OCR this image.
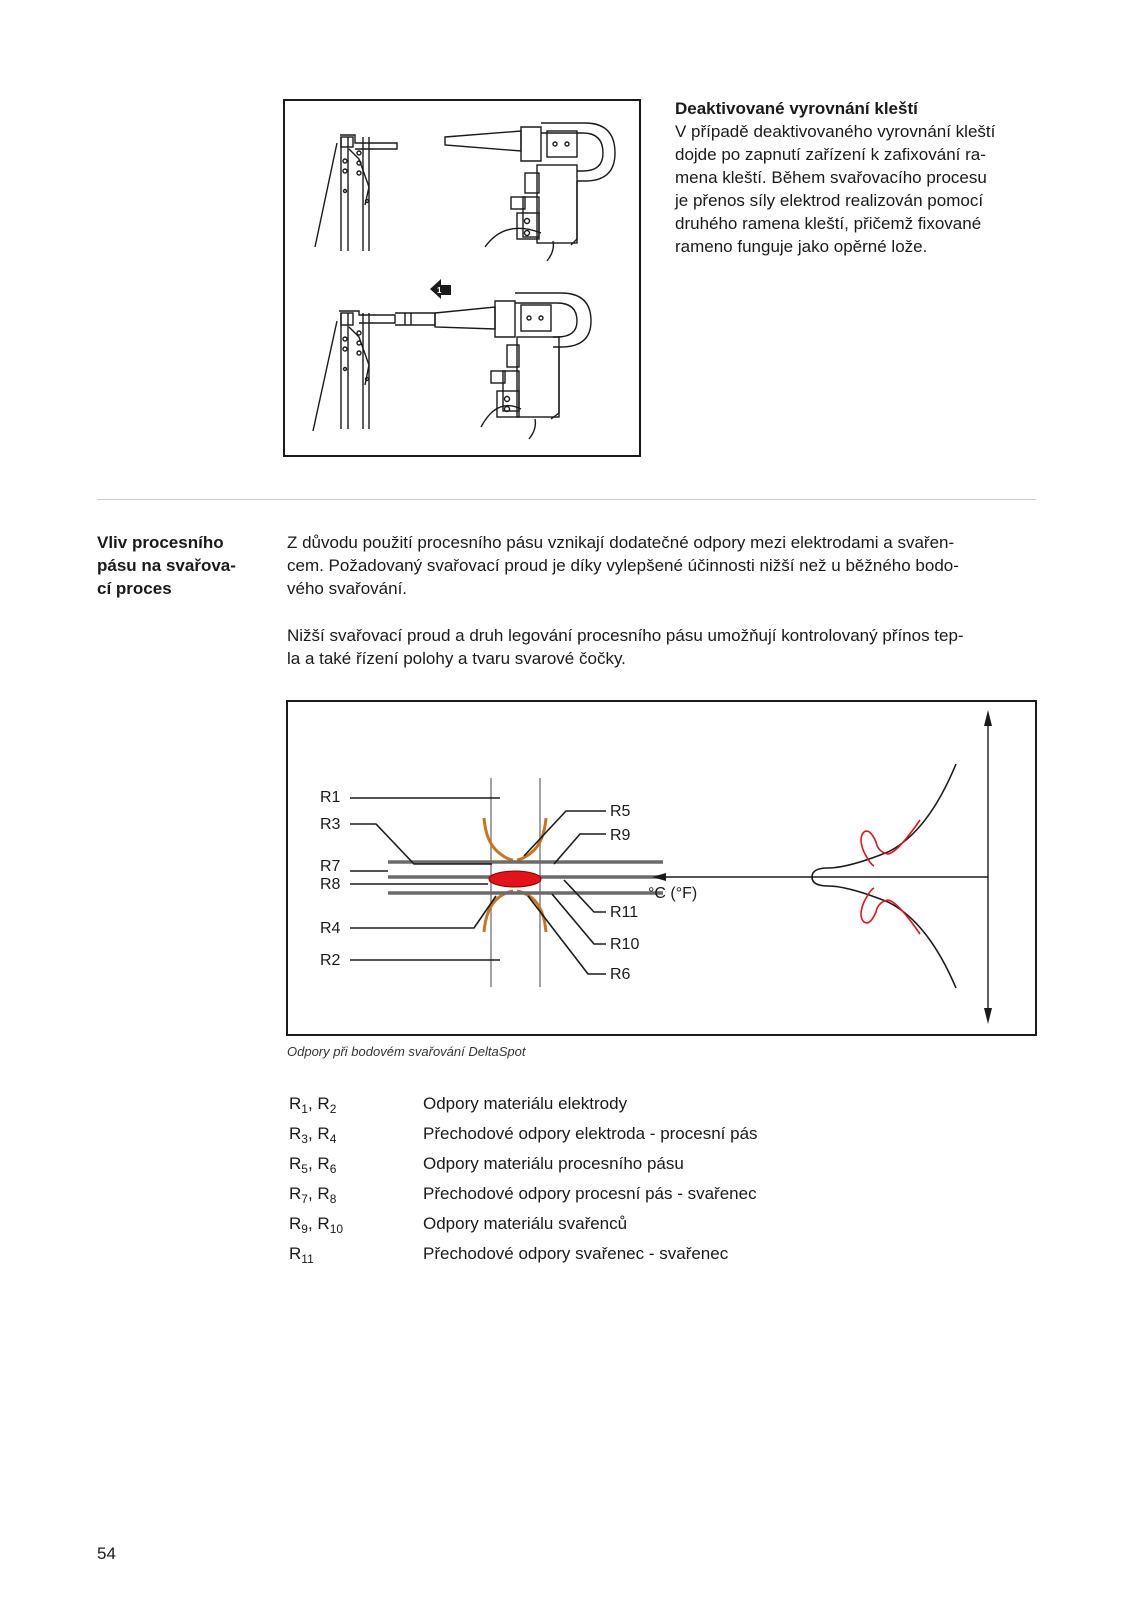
1
Deaktivované vyrovnání kleští
V případě deaktivovaného vyrovnání kleští
dojde po zapnutí zařízení k zafixování ra-
mena kleští. Během svařovacího procesu
je přenos síly elektrod realizován pomocí
druhého ramena kleští, přičemž fixované
rameno funguje jako opěrné lože.
Vliv procesního
pásu na svařova-
cí proces
Z důvodu použití procesního pásu vznikají dodatečné odpory mezi elektrodami a svařen-
cem. Požadovaný svařovací proud je díky vylepšené účinnosti nižší než u běžného bodo-
vého svařování.
Nižší svařovací proud a druh legování procesního pásu umožňují kontrolovaný přínos tep-
la a také řízení polohy a tvaru svarové čočky.
R1
R3
R7
R8
R4
R2
R5
R9
R11
R10
R6
°C (°F)
Odpory při bodovém svařování DeltaSpot
$R_1$, $R_2$	Odpory materiálu elektrody
$R_3$, $R_4$	Přechodové odpory elektroda - procesní pás
$R_5$, $R_6$	Odpory materiálu procesního pásu
$R_7$, $R_8$	Přechodové odpory procesní pás - svařenec
$R_9$, $R_{10}$	Odpory materiálu svařenců
$R_{11}$	Přechodové odpory svařenec - svařenec
54
